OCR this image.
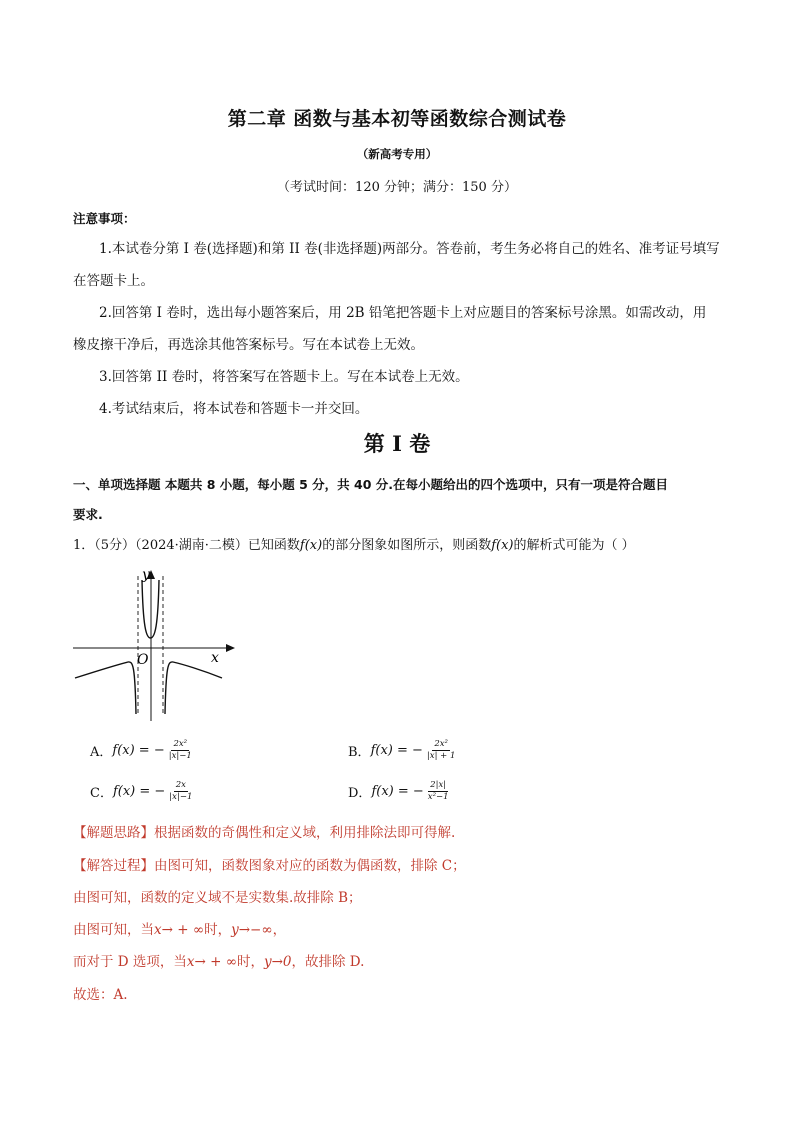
第二章 函数与基本初等函数综合测试卷
（新高考专用）
（考试时间：120 分钟；满分：150 分）
注意事项：
1.本试卷分第 I 卷(选择题)和第 II 卷(非选择题)两部分。答卷前，考生务必将自己的姓名、准考证号填写
在答题卡上。
2.回答第 I 卷时，选出每小题答案后，用 2B 铅笔把答题卡上对应题目的答案标号涂黑。如需改动，用
橡皮擦干净后，再选涂其他答案标号。写在本试卷上无效。
3.回答第 II 卷时，将答案写在答题卡上。写在本试卷上无效。
4.考试结束后，将本试卷和答题卡一并交回。
第 I 卷
一、单项选择题 本题共 8 小题，每小题 5 分，共 40 分.在每小题给出的四个选项中，只有一项是符合题目
要求.
1．（5分）（2024·湖南·二模）已知函数f(x)的部分图象如图所示，则函数f(x)的解析式可能为（ ）
x
y
O
A． f(x) = − $\frac{\text{2x²}}{|x|-1}$	B． f(x) = − $\frac{\text{2x²}}{|x| + 1}$
C． f(x) = − $\frac{2x}{|x|-1}$	D． f(x) = − $\frac{2|x|}{\text{x²−1}}$
【解题思路】根据函数的奇偶性和定义域，利用排除法即可得解.
【解答过程】由图可知，函数图象对应的函数为偶函数，排除 C；
由图可知，函数的定义域不是实数集.故排除 B；
由图可知，当x→ + ∞时，y→−∞，
而对于 D 选项，当x→ + ∞时，y→0，故排除 D.
故选：A.
